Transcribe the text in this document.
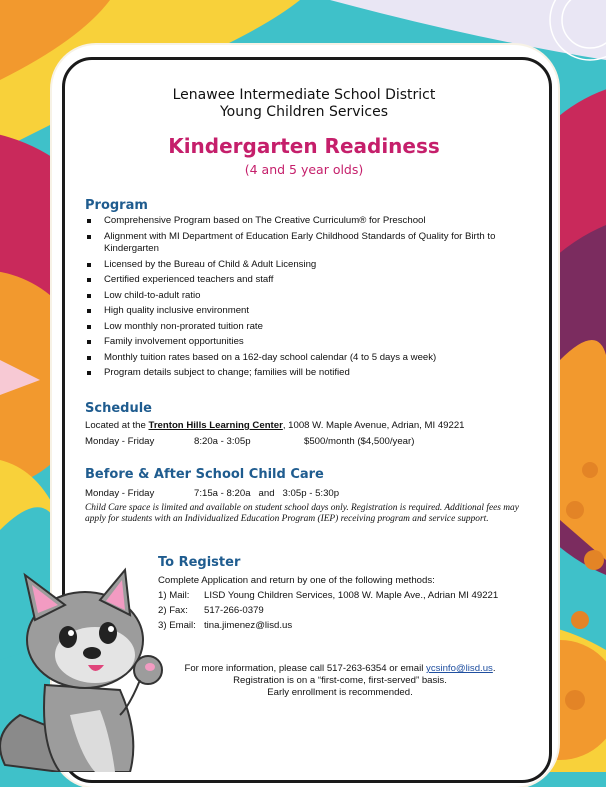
Lenawee Intermediate School District
Young Children Services
Kindergarten Readiness
(4 and 5 year olds)
Program
Comprehensive Program based on The Creative Curriculum® for Preschool
Alignment with MI Department of Education Early Childhood Standards of Quality for Birth to Kindergarten
Licensed by the Bureau of Child & Adult Licensing
Certified experienced teachers and staff
Low child-to-adult ratio
High quality inclusive environment
Low monthly non-prorated tuition rate
Family involvement opportunities
Monthly tuition rates based on a 162-day school calendar (4 to 5 days a week)
Program details subject to change; families will be notified
Schedule
Located at the Trenton Hills Learning Center, 1008 W. Maple Avenue, Adrian, MI 49221
Monday - Friday	8:20a - 3:05p	$500/month ($4,500/year)
Before & After School Child Care
Monday - Friday	7:15a - 8:20a   and   3:05p - 5:30p
Child Care space is limited and available on student school days only. Registration is required. Additional fees may apply for students with an Individualized Education Program (IEP) receiving program and service support.
To Register
Complete Application and return by one of the following methods:
1) Mail: LISD Young Children Services, 1008 W. Maple Ave., Adrian MI 49221
2) Fax: 517-266-0379
3) Email: tina.jimenez@lisd.us
For more information, please call 517-263-6354 or email ycsinfo@lisd.us.
Registration is on a “first-come, first-served” basis.
Early enrollment is recommended.
